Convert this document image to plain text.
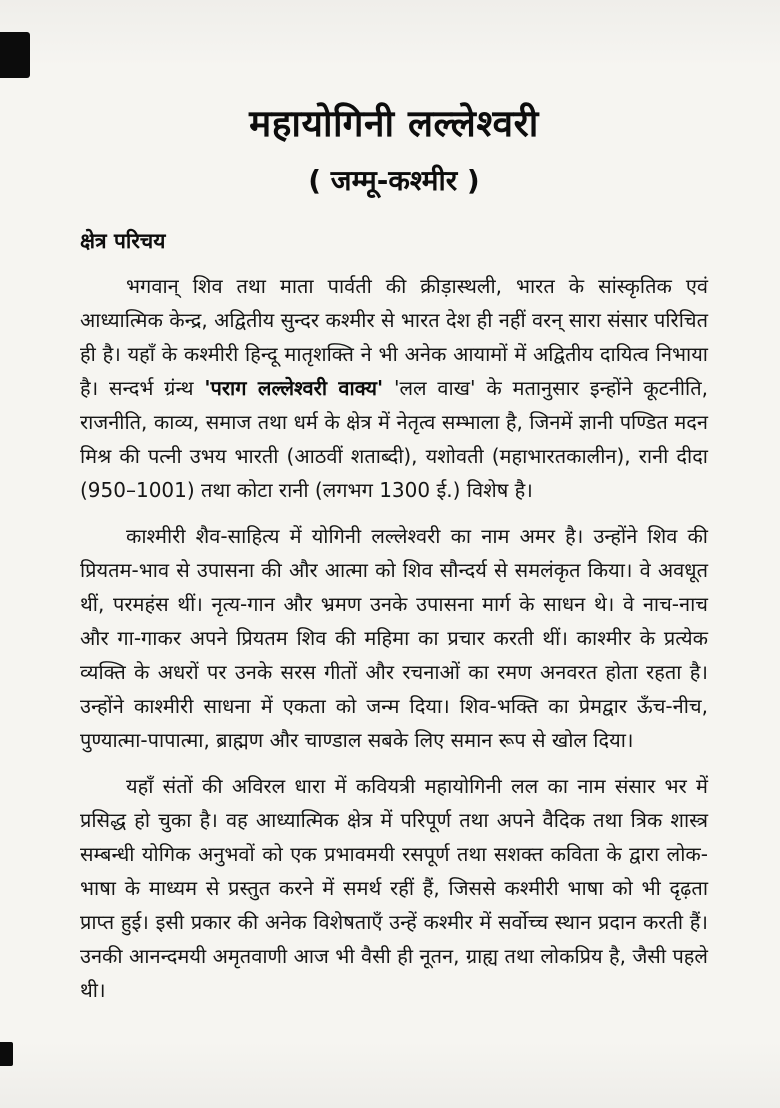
महायोगिनी लल्लेश्वरी
( जम्मू-कश्मीर )
क्षेत्र परिचय

भगवान् शिव तथा माता पार्वती की क्रीड़ास्थली, भारत के सांस्कृतिक एवं आध्यात्मिक केन्द्र, अद्वितीय सुन्दर कश्मीर से भारत देश ही नहीं वरन् सारा संसार परिचित ही है। यहाँ के कश्मीरी हिन्दू मातृशक्ति ने भी अनेक आयामों में अद्वितीय दायित्व निभाया है। सन्दर्भ ग्रंन्थ 'पराग लल्लेश्वरी वाक्य' 'लल वाख' के मतानुसार इन्होंने कूटनीति, राजनीति, काव्य, समाज तथा धर्म के क्षेत्र में नेतृत्व सम्भाला है, जिनमें ज्ञानी पण्डित मदन मिश्र की पत्नी उभय भारती (आठवीं शताब्दी), यशोवती (महाभारतकालीन), रानी दीदा (950–1001) तथा कोटा रानी (लगभग 1300 ई.) विशेष है।

काश्मीरी शैव-साहित्य में योगिनी लल्लेश्वरी का नाम अमर है। उन्होंने शिव की प्रियतम-भाव से उपासना की और आत्मा को शिव सौन्दर्य से समलंकृत किया। वे अवधूत थीं, परमहंस थीं। नृत्य-गान और भ्रमण उनके उपासना मार्ग के साधन थे। वे नाच-नाच और गा-गाकर अपने प्रियतम शिव की महिमा का प्रचार करती थीं। काश्मीर के प्रत्येक व्यक्ति के अधरों पर उनके सरस गीतों और रचनाओं का रमण अनवरत होता रहता है। उन्होंने काश्मीरी साधना में एकता को जन्म दिया। शिव-भक्ति का प्रेमद्वार ऊँच-नीच, पुण्यात्मा-पापात्मा, ब्राह्मण और चाण्डाल सबके लिए समान रूप से खोल दिया।

यहाँ संतों की अविरल धारा में कवियत्री महायोगिनी लल का नाम संसार भर में प्रसिद्ध हो चुका है। वह आध्यात्मिक क्षेत्र में परिपूर्ण तथा अपने वैदिक तथा त्रिक शास्त्र सम्बन्धी योगिक अनुभवों को एक प्रभावमयी रसपूर्ण तथा सशक्त कविता के द्वारा लोक-भाषा के माध्यम से प्रस्तुत करने में समर्थ रहीं हैं, जिससे कश्मीरी भाषा को भी दृढ़ता प्राप्त हुई। इसी प्रकार की अनेक विशेषताएँ उन्हें कश्मीर में सर्वोच्च स्थान प्रदान करती हैं। उनकी आनन्दमयी अमृतवाणी आज भी वैसी ही नूतन, ग्राह्य तथा लोकप्रिय है, जैसी पहले थी।
